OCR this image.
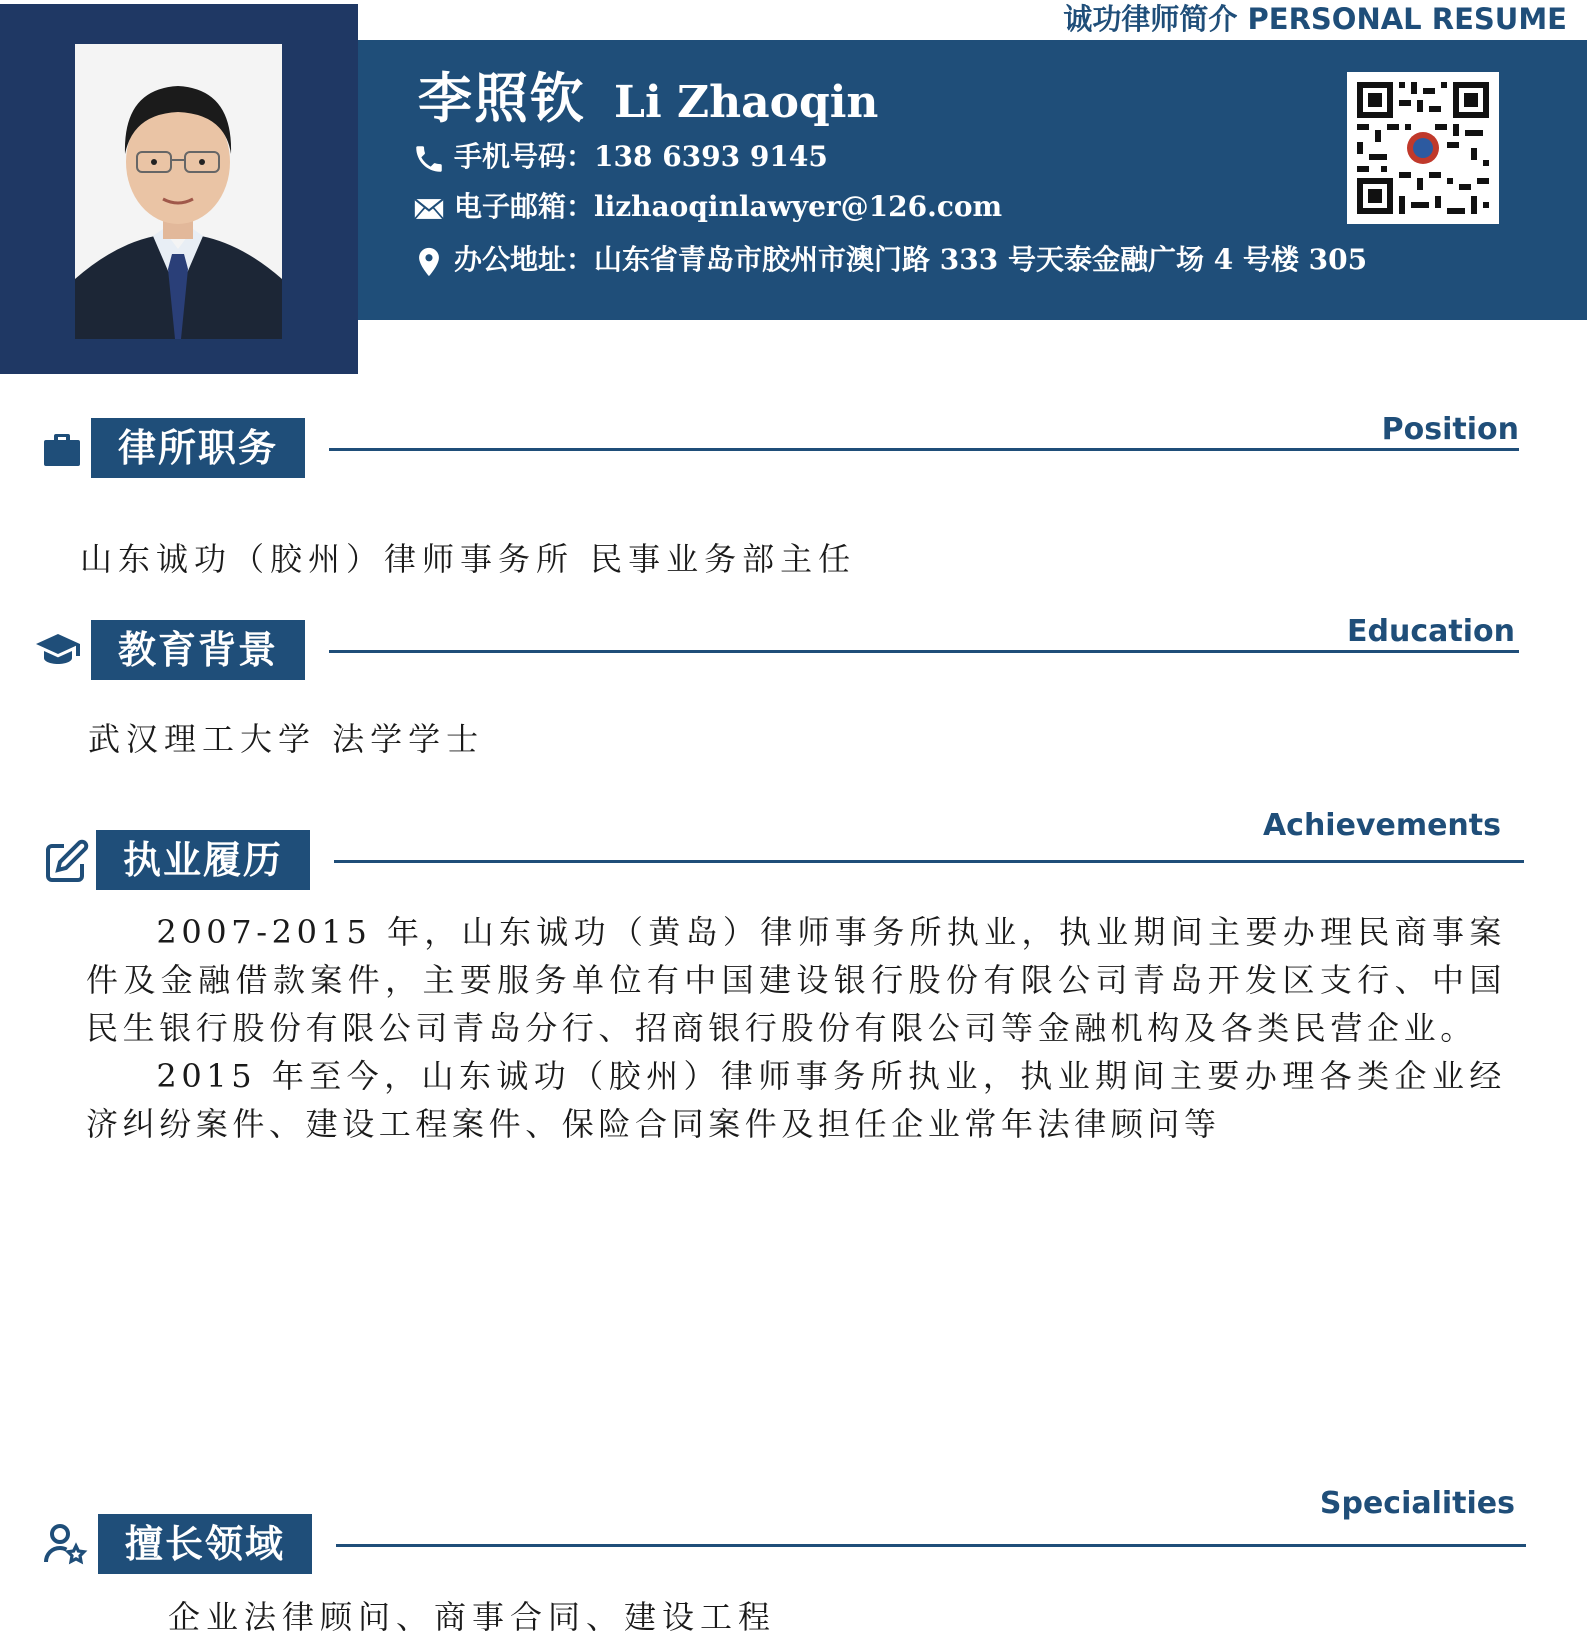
诚功律师简介 PERSONAL RESUME
李照钦 Li Zhaoqin
手机号码：138 6393 9145
电子邮箱：lizhaoqinlawyer@126.com
办公地址：山东省青岛市胶州市澳门路 333 号天泰金融广场 4 号楼 305
律所职务	Position
山东诚功（胶州）律师事务所 民事业务部主任
教育背景	Education
武汉理工大学 法学学士
执业履历
Achievements

2007-2015 年，山东诚功（黄岛）律师事务所执业，执业期间主要办理民商事案件及金融借款案件，主要服务单位有中国建设银行股份有限公司青岛开发区支行、中国民生银行股份有限公司青岛分行、招商银行股份有限公司等金融机构及各类民营企业。

2015 年至今，山东诚功（胶州）律师事务所执业，执业期间主要办理各类企业经济纠纷案件、建设工程案件、保险合同案件及担任企业常年法律顾问等

擅长领域
Specialities
企业法律顾问、商事合同、建设工程
